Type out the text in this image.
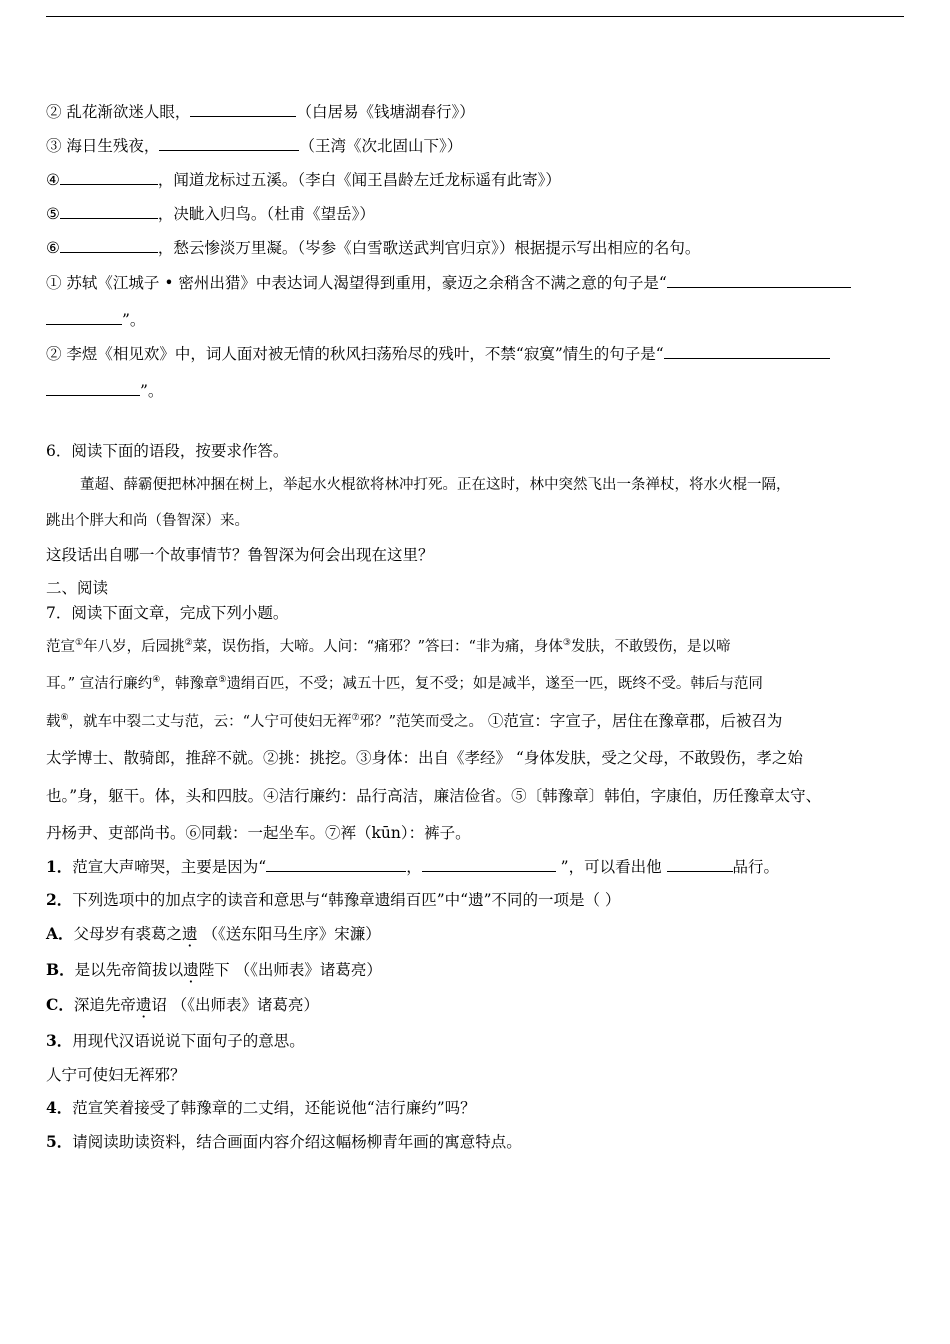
② 乱花渐欲迷人眼，	（白居易《钱塘湖春行》）
③ 海日生残夜，	（王湾《次北固山下》）
④	，闻道龙标过五溪。（李白《闻王昌龄左迁龙标遥有此寄》）
⑤	，决眦入归鸟。（杜甫《望岳》）
⑥	，愁云惨淡万里凝。（岑参《白雪歌送武判官归京》）根据提示写出相应的名句。
① 苏轼《江城子 • 密州出猎》中表达词人渴望得到重用，豪迈之余稍含不满之意的句子是“
”。
② 李煜《相见欢》中，词人面对被无情的秋风扫荡殆尽的残叶，不禁“寂寞”情生的句子是“
”。
6．阅读下面的语段，按要求作答。
董超、薛霸便把林冲捆在树上，举起水火棍欲将林冲打死。正在这时，林中突然飞出一条禅杖，将水火棍一隔，
跳出个胖大和尚（鲁智深）来。
这段话出自哪一个故事情节？鲁智深为何会出现在这里？
二、阅读
7．阅读下面文章，完成下列小题。
范宣①年八岁，后园挑②菜，误伤指，大啼。人问：“痛邪？”答曰：“非为痛，身体③发肤，不敢毁伤，是以啼
耳。” 宣洁行廉约④，韩豫章⑤遗绢百匹，不受；减五十匹，复不受；如是减半，遂至一匹，既终不受。韩后与范同
载⑥，就车中裂二丈与范，云：“人宁可使妇无裈⑦邪？”范笑而受之。 ①范宣：字宣子，居住在豫章郡，后被召为
太学博士、散骑郎，推辞不就。②挑：挑挖。③身体：出自《孝经》 “身体发肤，受之父母，不敢毁伤，孝之始
也。”身，躯干。体，头和四肢。④洁行廉约：品行高洁，廉洁俭省。⑤〔韩豫章〕韩伯，字康伯，历任豫章太守、
丹杨尹、吏部尚书。⑥同载：一起坐车。⑦裈（kūn）：裤子。
1．范宣大声啼哭，主要是因为“	，	”，可以看出他	品行。
2．下列选项中的加点字的读音和意思与“韩豫章遗绢百匹”中“遗”不同的一项是（ ）
A．父母岁有裘葛之遗 （《送东阳马生序》宋濂）
B．是以先帝简拔以遗陛下 （《出师表》诸葛亮）
C．深追先帝遗诏 （《出师表》诸葛亮）
3．用现代汉语说说下面句子的意思。
人宁可使妇无裈邪？
4．范宣笑着接受了韩豫章的二丈绢，还能说他“洁行廉约”吗？
5．请阅读助读资料，结合画面内容介绍这幅杨柳青年画的寓意特点。
